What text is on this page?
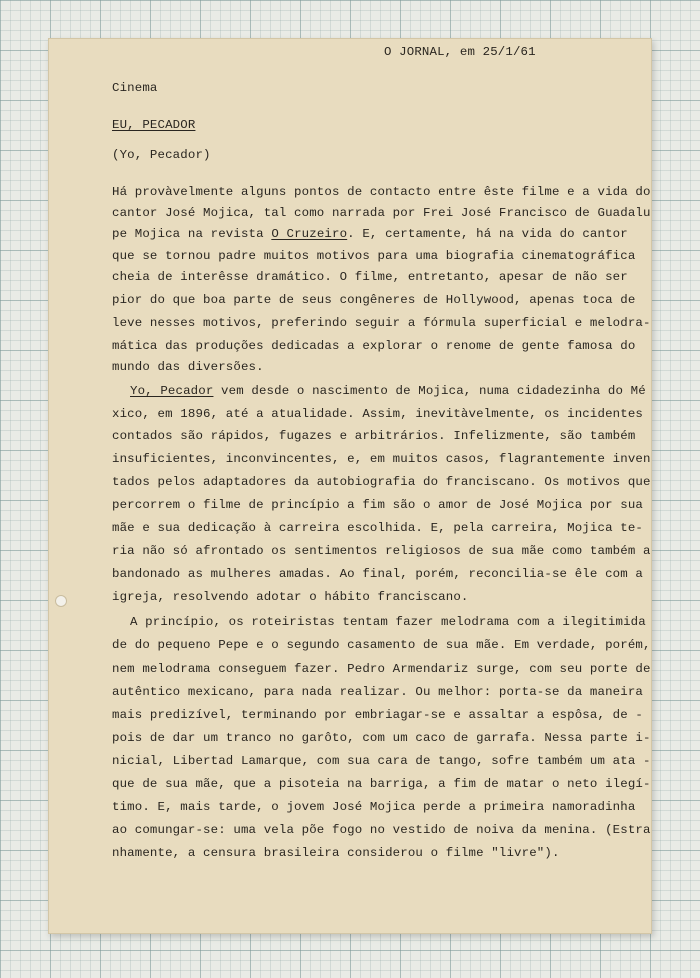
O JORNAL, em 25/1/61
Cinema
EU, PECADOR
(Yo, Pecador)
Há provàvelmente alguns pontos de contacto entre êste filme e a vida do
cantor José Mojica, tal como narrada por Frei José Francisco de Guadalu
pe Mojica na revista O Cruzeiro. E, certamente, há na vida do cantor
que se tornou padre muitos motivos para uma biografia cinematográfica
cheia de interêsse dramático. O filme, entretanto, apesar de não ser
pior do que boa parte de seus congêneres de Hollywood, apenas toca de
leve nesses motivos, preferindo seguir a fórmula superficial e melodra-
mática das produções dedicadas a explorar o renome de gente famosa do
mundo das diversões.
Yo, Pecador vem desde o nascimento de Mojica, numa cidadezinha do Mé
xico, em 1896, até a atualidade. Assim, inevitàvelmente, os incidentes
contados são rápidos, fugazes e arbitrários. Infelizmente, são também
insuficientes, inconvincentes, e, em muitos casos, flagrantemente inven
tados pelos adaptadores da autobiografia do franciscano. Os motivos que
percorrem o filme de princípio a fim são o amor de José Mojica por sua
mãe e sua dedicação à carreira escolhida. E, pela carreira, Mojica te-
ria não só afrontado os sentimentos religiosos de sua mãe como também a
bandonado as mulheres amadas. Ao final, porém, reconcilia-se êle com a
igreja, resolvendo adotar o hábito franciscano.
A princípio, os roteiristas tentam fazer melodrama com a ilegitimida
de do pequeno Pepe e o segundo casamento de sua mãe. Em verdade, porém,
nem melodrama conseguem fazer. Pedro Armendariz surge, com seu porte de
autêntico mexicano, para nada realizar. Ou melhor: porta-se da maneira
mais predizível, terminando por embriagar-se e assaltar a espôsa, de -
pois de dar um tranco no garôto, com um caco de garrafa. Nessa parte i-
nicial, Libertad Lamarque, com sua cara de tango, sofre também um ata -
que de sua mãe, que a pisoteia na barriga, a fim de matar o neto ilegí-
timo. E, mais tarde, o jovem José Mojica perde a primeira namoradinha
ao comungar-se: uma vela põe fogo no vestido de noiva da menina. (Estra
nhamente, a censura brasileira considerou o filme "livre").
